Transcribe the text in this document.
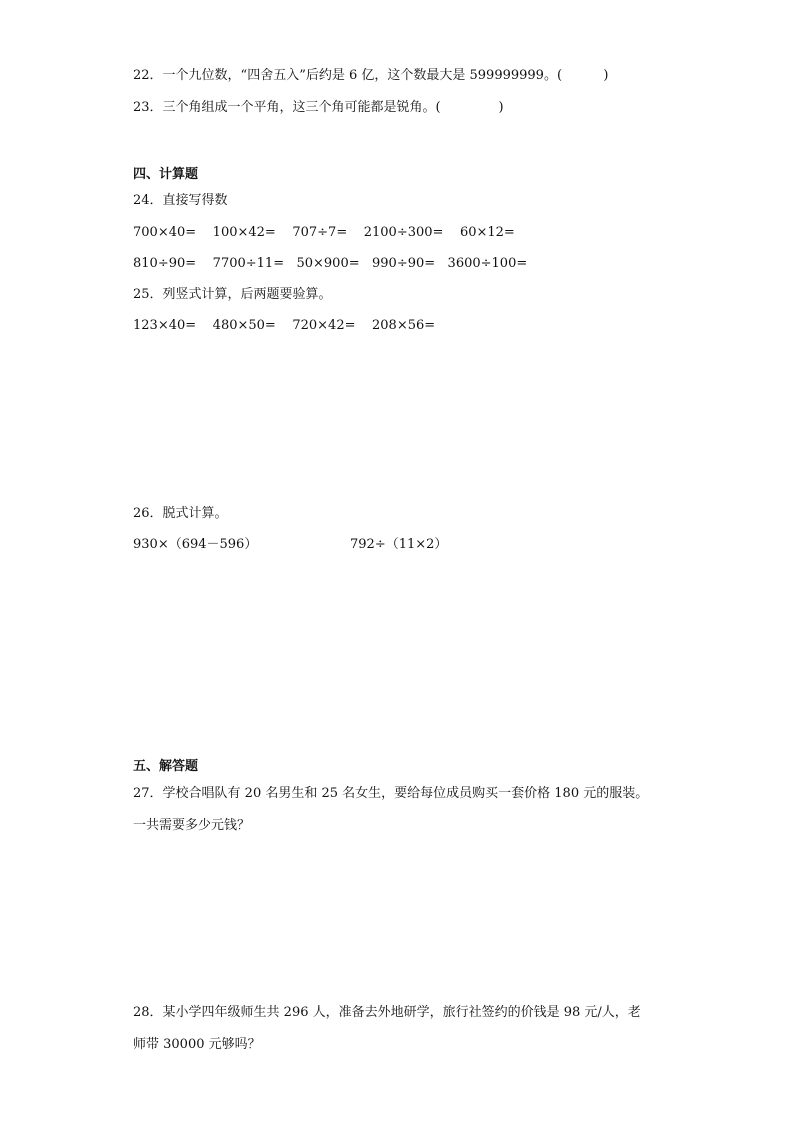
22．一个九位数，“四舍五入”后约是 6 亿，这个数最大是 599999999。(          )
23．三个角组成一个平角，这三个角可能都是锐角。(              )
四、计算题
24．直接写得数
700×40=    100×42=    707÷7=    2100÷300=    60×12=
810÷90=    7700÷11=   50×900=   990÷90=   3600÷100=
25．列竖式计算，后两题要验算。
123×40=    480×50=    720×42=    208×56=
26．脱式计算。
930×（694－596）	792÷（11×2）
五、解答题
27．学校合唱队有 20 名男生和 25 名女生，要给每位成员购买一套价格 180 元的服装。
一共需要多少元钱？
28．某小学四年级师生共 296 人，准备去外地研学，旅行社签约的价钱是 98 元/人，老
师带 30000 元够吗？
